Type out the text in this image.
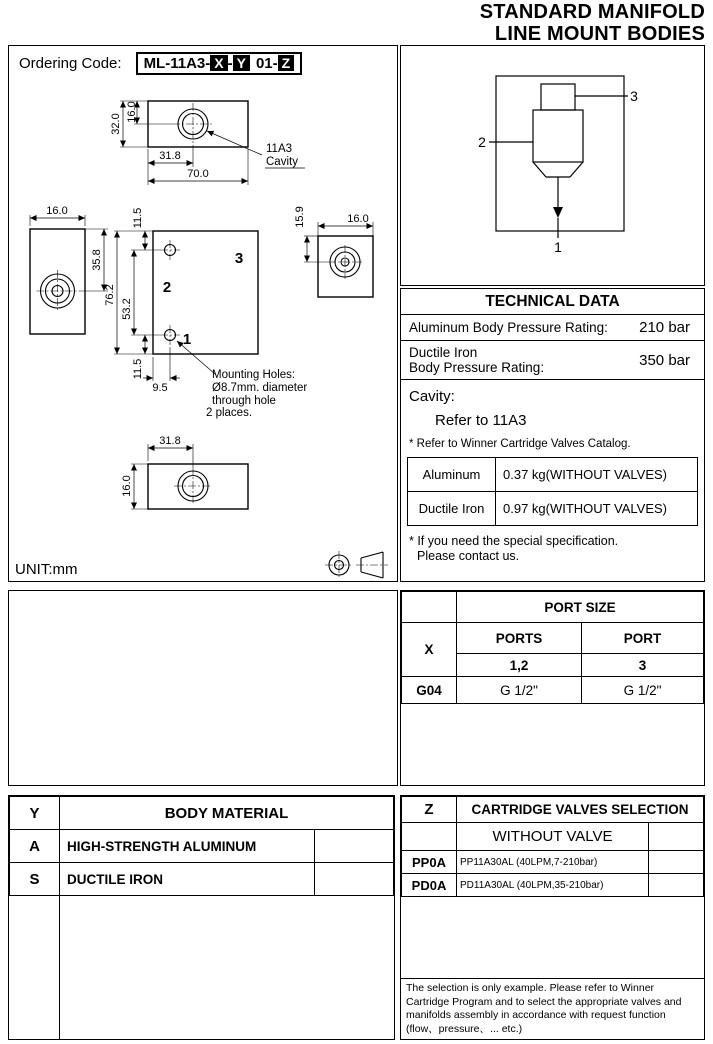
STANDARD MANIFOLD
LINE MOUNT BODIES
Ordering Code:	ML-11A3- X - Y 01- Z
32.0
16.0
31.8
70.0
11A3
Cavity
16.0
35.8
2
3
1
76.2
53.2
11.5
11.5
9.5
Mounting Holes:
Ø8.7mm. diameter
through hole
2 places.
15.9	16.0
31.8
16.0
UNIT:mm
3
2
1
TECHNICAL DATA
Aluminum Body Pressure Rating: 210 bar
Ductile Iron
Body Pressure Rating:	350 bar
Cavity:
Refer to 11A3
* Refer to Winner Cartridge Valves Catalog.
Aluminum	0.37 kg(WITHOUT VALVES)
Ductile Iron	0.97 kg(WITHOUT VALVES)
* If you need the special specification.
Please contact us.
	PORT SIZE	
X	PORTS	PORT
	1,2	3
G04	G 1/2"	G 1/2"
Y	BODY MATERIAL	
A	HIGH-STRENGTH ALUMINUM	
S	DUCTILE IRON	
Z	CARTRIDGE VALVES SELECTION	
	WITHOUT VALVE	
PP0A	PP11A30AL (40LPM,7-210bar)	
PD0A	PD11A30AL (40LPM,35-210bar)	
The selection is only example. Please refer to Winner Cartridge Program and to select the appropriate valves and manifolds assembly in accordance with request function (flow、pressure、... etc.)
